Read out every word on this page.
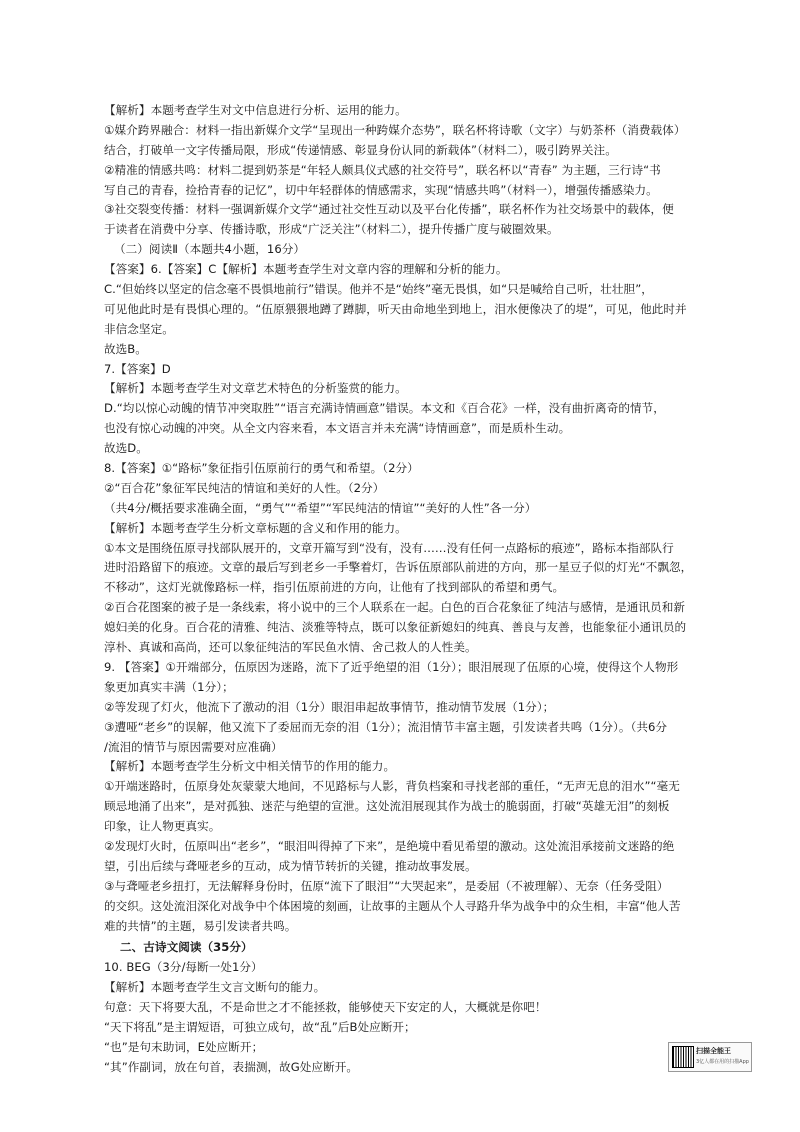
【解析】本题考查学生对文中信息进行分析、运用的能力。
①媒介跨界融合：材料一指出新媒介文学“呈现出一种跨媒介态势”，联名杯将诗歌（文字）与奶茶杯（消费载体）
结合，打破单一文字传播局限，形成“传递情感、彰显身份认同的新载体”（材料二），吸引跨界关注。
②精准的情感共鸣：材料二提到奶茶是“年轻人颇具仪式感的社交符号”，联名杯以“青春” 为主题，三行诗“书
写自己的青春，捡拾青春的记忆”，切中年轻群体的情感需求，实现“情感共鸣”（材料一），增强传播感染力。
③社交裂变传播：材料一强调新媒介文学“通过社交性互动以及平台化传播”，联名杯作为社交场景中的载体，便
于读者在消费中分享、传播诗歌，形成“广泛关注”（材料二），提升传播广度与破圈效果。
（二）阅读Ⅱ（本题共4小题，16分）
【答案】6.【答案】C【解析】本题考查学生对文章内容的理解和分析的能力。
C.“但始终以坚定的信念毫不畏惧地前行”错误。他并不是“始终”毫无畏惧，如“只是喊给自己听，壮壮胆”，
可见他此时是有畏惧心理的。“伍原猥猥地蹲了蹲脚，听天由命地坐到地上，泪水便像决了的堤”，可见，他此时并
非信念坚定。
故选B。
7.【答案】D
【解析】本题考查学生对文章艺术特色的分析鉴赏的能力。
D.“均以惊心动魄的情节冲突取胜”“语言充满诗情画意”错误。本文和《百合花》一样，没有曲折离奇的情节，
也没有惊心动魄的冲突。从全文内容来看，本文语言并未充满“诗情画意”，而是质朴生动。
故选D。
8.【答案】①“路标”象征指引伍原前行的勇气和希望。（2分）
②“百合花”象征军民纯洁的情谊和美好的人性。（2分）
（共4分/概括要求准确全面，“勇气”“希望”“军民纯洁的情谊”“美好的人性”各一分）
【解析】本题考查学生分析文章标题的含义和作用的能力。
①本文是围绕伍原寻找部队展开的，文章开篇写到“没有，没有……没有任何一点路标的痕迹”，路标本指部队行
进时沿路留下的痕迹。文章的最后写到老乡一手擎着灯，告诉伍原部队前进的方向，那一星豆子似的灯光“不飘忽，
不移动”，这灯光就像路标一样，指引伍原前进的方向，让他有了找到部队的希望和勇气。
②百合花图案的被子是一条线索，将小说中的三个人联系在一起。白色的百合花象征了纯洁与感情，是通讯员和新
媳妇美的化身。百合花的清雅、纯洁、淡雅等特点，既可以象征新媳妇的纯真、善良与友善，也能象征小通讯员的
淳朴、真诚和高尚，还可以象征纯洁的军民鱼水情、舍己救人的人性美。
9. 【答案】①开端部分，伍原因为迷路，流下了近乎绝望的泪（1分）；眼泪展现了伍原的心境，使得这个人物形
象更加真实丰满（1分）；
②等发现了灯火，他流下了激动的泪（1分）眼泪串起故事情节，推动情节发展（1分）；
③遭哑“老乡”的误解，他又流下了委屈而无奈的泪（1分）；流泪情节丰富主题，引发读者共鸣（1分）。（共6分
/流泪的情节与原因需要对应准确）
【解析】本题考查学生分析文中相关情节的作用的能力。
①开端迷路时，伍原身处灰蒙蒙大地间，不见路标与人影，背负档案和寻找老部的重任，“无声无息的泪水”“毫无
顾忌地涌了出来”，是对孤独、迷茫与绝望的宣泄。这处流泪展现其作为战士的脆弱面，打破“英雄无泪”的刻板
印象，让人物更真实。
②发现灯火时，伍原叫出“老乡”，“眼泪叫得掉了下来”，是绝境中看见希望的激动。这处流泪承接前文迷路的绝
望，引出后续与聋哑老乡的互动，成为情节转折的关键，推动故事发展。
③与聋哑老乡扭打，无法解释身份时，伍原“流下了眼泪”“大哭起来”，是委屈（不被理解）、无奈（任务受阻）
的交织。这处流泪深化对战争中个体困境的刻画，让故事的主题从个人寻路升华为战争中的众生相，丰富“他人苦
难的共情”的主题，易引发读者共鸣。
二、古诗文阅读（35分）
10. BEG（3分/每断一处1分）
【解析】本题考查学生文言文断句的能力。
句意：天下将要大乱，不是命世之才不能拯救，能够使天下安定的人，大概就是你吧！
“天下将乱”是主谓短语，可独立成句，故“乱”后B处应断开；
“也”是句末助词，E处应断开；
“其”作副词，放在句首，表揣测，故G处应断开。
扫描全能王
3亿人都在用的扫描App
